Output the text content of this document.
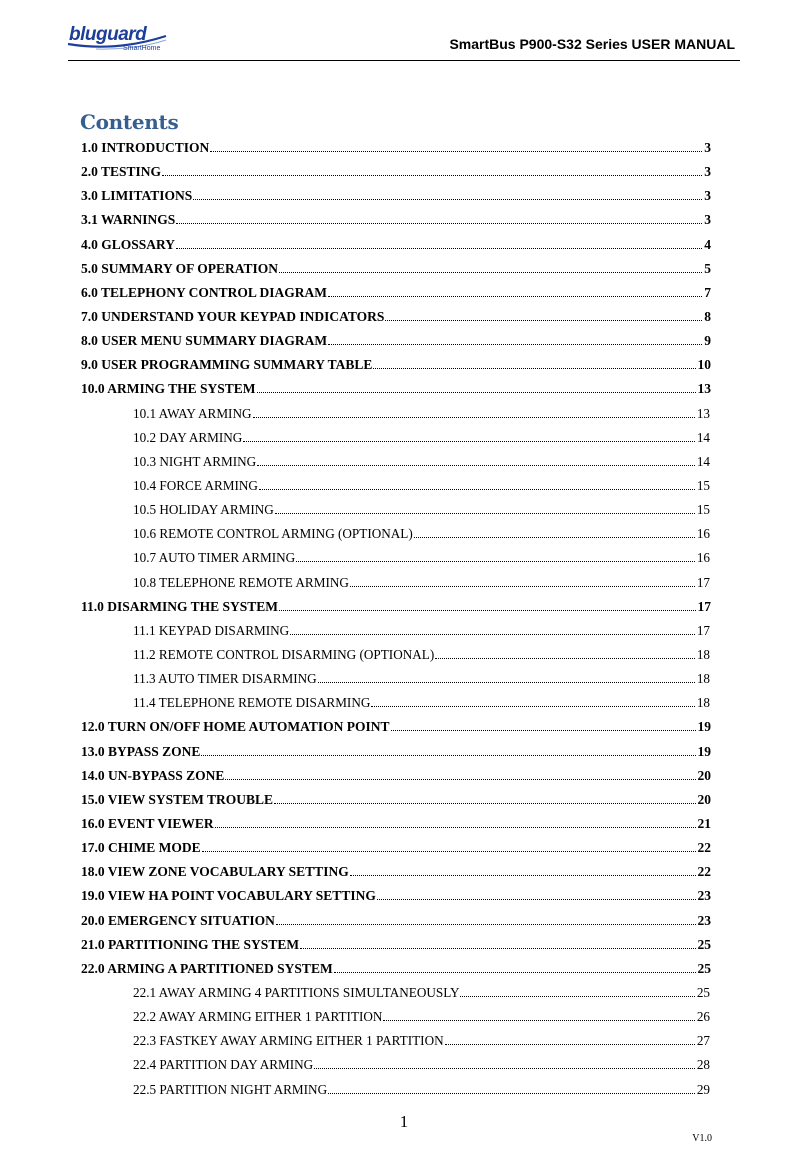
bluguard
SmartHome	SmartBus P900-S32 Series USER MANUAL
Contents
1.0 INTRODUCTION	3
2.0 TESTING	3
3.0 LIMITATIONS	3
3.1 WARNINGS	3
4.0 GLOSSARY	4
5.0 SUMMARY OF OPERATION	5
6.0 TELEPHONY CONTROL DIAGRAM	7
7.0 UNDERSTAND YOUR KEYPAD INDICATORS	8
8.0 USER MENU SUMMARY DIAGRAM	9
9.0 USER PROGRAMMING SUMMARY TABLE	10
10.0 ARMING THE SYSTEM	13
10.1 AWAY ARMING	13
10.2 DAY ARMING	14
10.3 NIGHT ARMING	14
10.4 FORCE ARMING	15
10.5 HOLIDAY ARMING	15
10.6 REMOTE CONTROL ARMING (OPTIONAL)	16
10.7 AUTO TIMER ARMING	16
10.8 TELEPHONE REMOTE ARMING	17
11.0 DISARMING THE SYSTEM	17
11.1 KEYPAD DISARMING	17
11.2 REMOTE CONTROL DISARMING (OPTIONAL)	18
11.3 AUTO TIMER DISARMING	18
11.4 TELEPHONE REMOTE DISARMING	18
12.0 TURN ON/OFF HOME AUTOMATION POINT	19
13.0 BYPASS ZONE	19
14.0 UN-BYPASS ZONE	20
15.0 VIEW SYSTEM TROUBLE	20
16.0 EVENT VIEWER	21
17.0 CHIME MODE	22
18.0 VIEW ZONE VOCABULARY SETTING	22
19.0 VIEW HA POINT VOCABULARY SETTING	23
20.0 EMERGENCY SITUATION	23
21.0 PARTITIONING THE SYSTEM	25
22.0 ARMING A PARTITIONED SYSTEM	25
22.1 AWAY ARMING 4 PARTITIONS SIMULTANEOUSLY	25
22.2 AWAY ARMING EITHER 1 PARTITION	26
22.3 FASTKEY AWAY ARMING EITHER 1 PARTITION	27
22.4 PARTITION DAY ARMING	28
22.5 PARTITION NIGHT ARMING	29
1
V1.0
